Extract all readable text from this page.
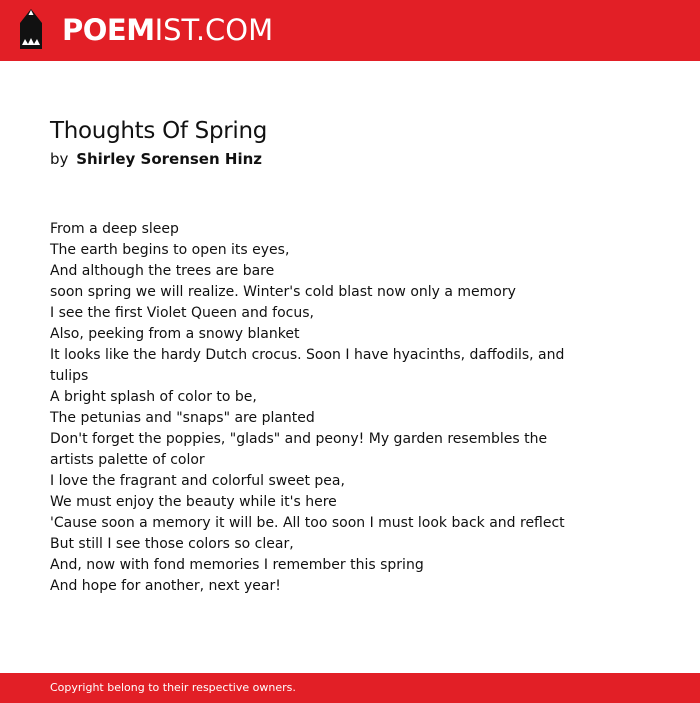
POEMIST.COM
Thoughts Of Spring
by Shirley Sorensen Hinz
From a deep sleep
The earth begins to open its eyes,
And although the trees are bare
soon spring we will realize. Winter's cold blast now only a memory
I see the first Violet Queen and focus,
Also, peeking from a snowy blanket
It looks like the hardy Dutch crocus. Soon I have hyacinths, daffodils, and tulips
A bright splash of color to be,
The petunias and "snaps" are planted
Don't forget the poppies, "glads" and peony! My garden resembles the artists palette of color
I love the fragrant and colorful sweet pea,
We must enjoy the beauty while it's here
'Cause soon a memory it will be. All too soon I must look back and reflect
But still I see those colors so clear,
And, now with fond memories I remember this spring
And hope for another, next year!
Copyright belong to their respective owners.
